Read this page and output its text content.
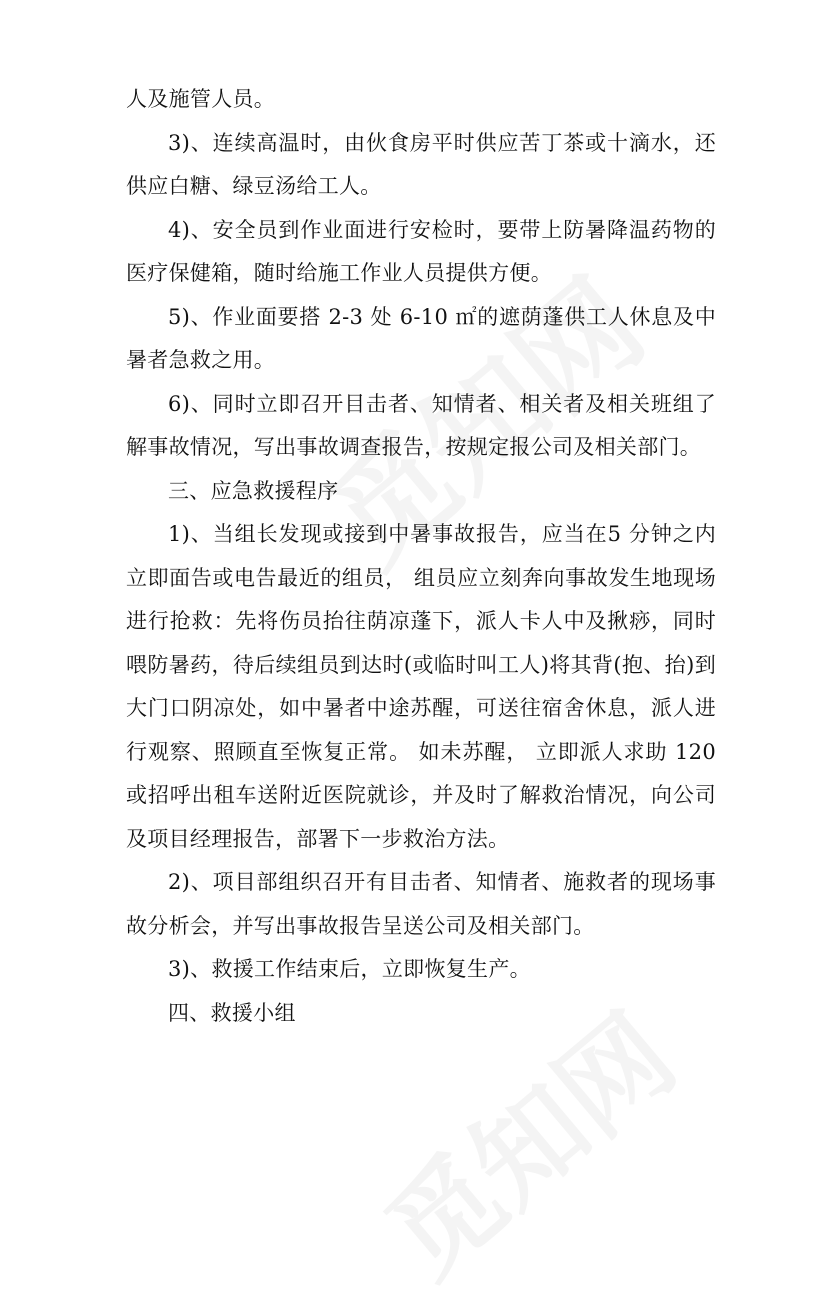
人及施管人员。

3)、连续高温时，由伙食房平时供应苦丁茶或十滴水，还供应白糖、绿豆汤给工人。

4)、安全员到作业面进行安检时，要带上防暑降温药物的医疗保健箱，随时给施工作业人员提供方便。

5)、作业面要搭 2-3 处 6-10 ㎡的遮荫蓬供工人休息及中暑者急救之用。

6)、同时立即召开目击者、知情者、相关者及相关班组了解事故情况，写出事故调查报告，按规定报公司及相关部门。

三、应急救援程序

1)、当组长发现或接到中暑事故报告，应当在5 分钟之内立即面告或电告最近的组员， 组员应立刻奔向事故发生地现场进行抢救：先将伤员抬往荫凉蓬下，派人卡人中及揪痧，同时喂防暑药，待后续组员到达时(或临时叫工人)将其背(抱、抬)到大门口阴凉处，如中暑者中途苏醒，可送往宿舍休息，派人进行观察、照顾直至恢复正常。 如未苏醒， 立即派人求助 120 或招呼出租车送附近医院就诊，并及时了解救治情况，向公司及项目经理报告，部署下一步救治方法。

2)、项目部组织召开有目击者、知情者、施救者的现场事故分析会，并写出事故报告呈送公司及相关部门。

3)、救援工作结束后，立即恢复生产。

四、救援小组
